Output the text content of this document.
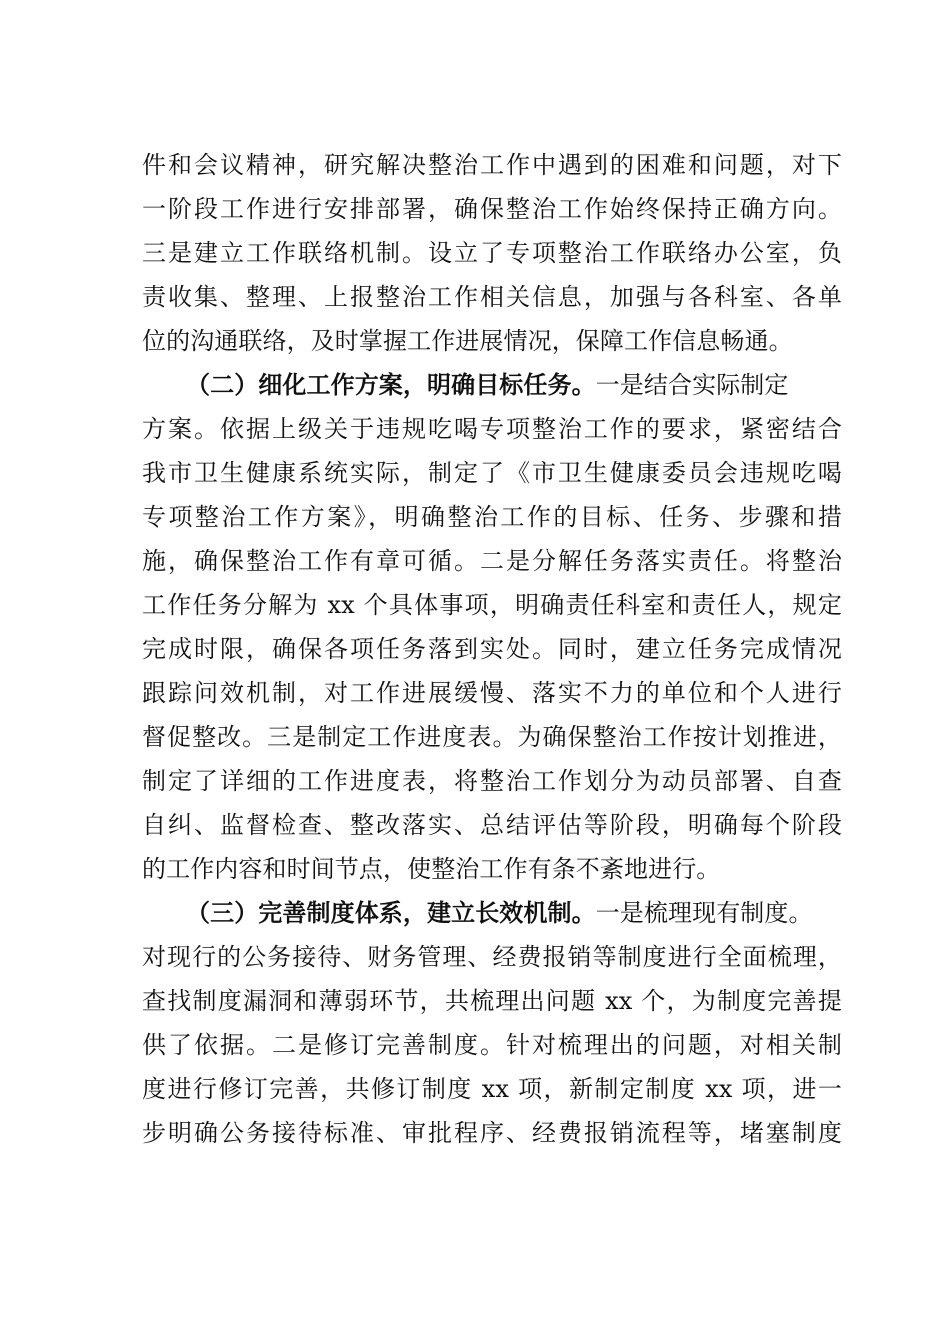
件和会议精神，研究解决整治工作中遇到的困难和问题，对下
一阶段工作进行安排部署，确保整治工作始终保持正确方向。
三是建立工作联络机制。设立了专项整治工作联络办公室，负
责收集、整理、上报整治工作相关信息，加强与各科室、各单
位的沟通联络，及时掌握工作进展情况，保障工作信息畅通。
（二）细化工作方案，明确目标任务。一是结合实际制定
方案。依据上级关于违规吃喝专项整治工作的要求，紧密结合
我市卫生健康系统实际，制定了《市卫生健康委员会违规吃喝
专项整治工作方案》，明确整治工作的目标、任务、步骤和措
施，确保整治工作有章可循。二是分解任务落实责任。将整治
工作任务分解为 xx 个具体事项，明确责任科室和责任人，规定
完成时限，确保各项任务落到实处。同时，建立任务完成情况
跟踪问效机制，对工作进展缓慢、落实不力的单位和个人进行
督促整改。三是制定工作进度表。为确保整治工作按计划推进，
制定了详细的工作进度表，将整治工作划分为动员部署、自查
自纠、监督检查、整改落实、总结评估等阶段，明确每个阶段
的工作内容和时间节点，使整治工作有条不紊地进行。
（三）完善制度体系，建立长效机制。一是梳理现有制度。
对现行的公务接待、财务管理、经费报销等制度进行全面梳理，
查找制度漏洞和薄弱环节，共梳理出问题 xx 个，为制度完善提
供了依据。二是修订完善制度。针对梳理出的问题，对相关制
度进行修订完善，共修订制度 xx 项，新制定制度 xx 项，进一
步明确公务接待标准、审批程序、经费报销流程等，堵塞制度
